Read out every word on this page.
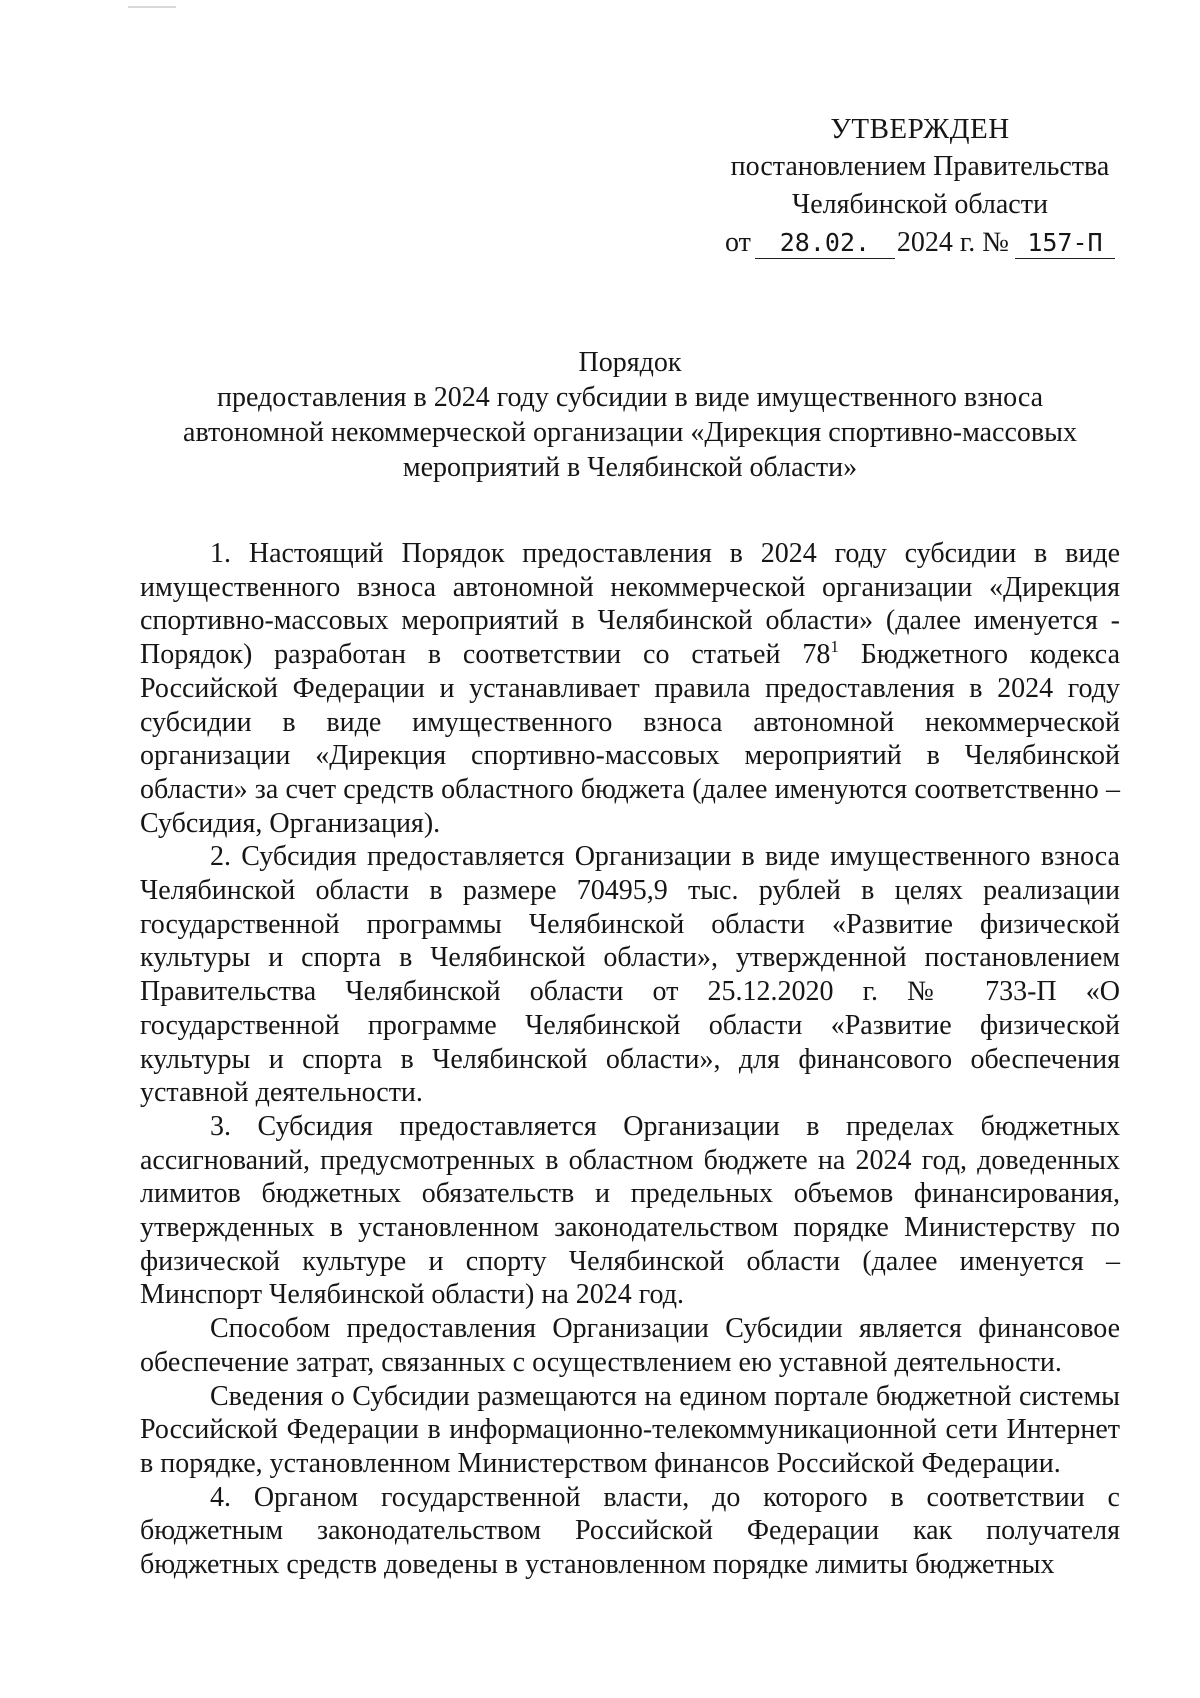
УТВЕРЖДЕН
постановлением Правительства
Челябинской области
от	28.02. 2024 г. № 157-П
Порядок
предоставления в 2024 году субсидии в виде имущественного взноса
автономной некоммерческой организации «Дирекция спортивно-массовых
мероприятий в Челябинской области»

1. Настоящий Порядок предоставления в 2024 году субсидии в виде имущественного взноса автономной некоммерческой организации «Дирекция спортивно-массовых мероприятий в Челябинской области» (далее именуется - Порядок) разработан в соответствии со статьей $78^1$ Бюджетного кодекса Российской Федерации и устанавливает правила предоставления в 2024 году субсидии в виде имущественного взноса автономной некоммерческой организации «Дирекция спортивно-массовых мероприятий в Челябинской области» за счет средств областного бюджета (далее именуются соответственно – Субсидия, Организация).

2. Субсидия предоставляется Организации в виде имущественного взноса Челябинской области в размере 70495,9 тыс. рублей в целях реализации государственной программы Челябинской области «Развитие физической культуры и спорта в Челябинской области», утвержденной постановлением Правительства Челябинской области от 25.12.2020 г. № 733-П «О государственной программе Челябинской области «Развитие физической культуры и спорта в Челябинской области», для финансового обеспечения уставной деятельности.

3. Субсидия предоставляется Организации в пределах бюджетных ассигнований, предусмотренных в областном бюджете на 2024 год, доведенных лимитов бюджетных обязательств и предельных объемов финансирования, утвержденных в установленном законодательством порядке Министерству по физической культуре и спорту Челябинской области (далее именуется – Минспорт Челябинской области) на 2024 год.

Способом предоставления Организации Субсидии является финансовое обеспечение затрат, связанных с осуществлением ею уставной деятельности.

Сведения о Субсидии размещаются на едином портале бюджетной системы Российской Федерации в информационно-телекоммуникационной сети Интернет в порядке, установленном Министерством финансов Российской Федерации.

4. Органом государственной власти, до которого в соответствии с бюджетным законодательством Российской Федерации как получателя бюджетных средств доведены в установленном порядке лимиты бюджетных
